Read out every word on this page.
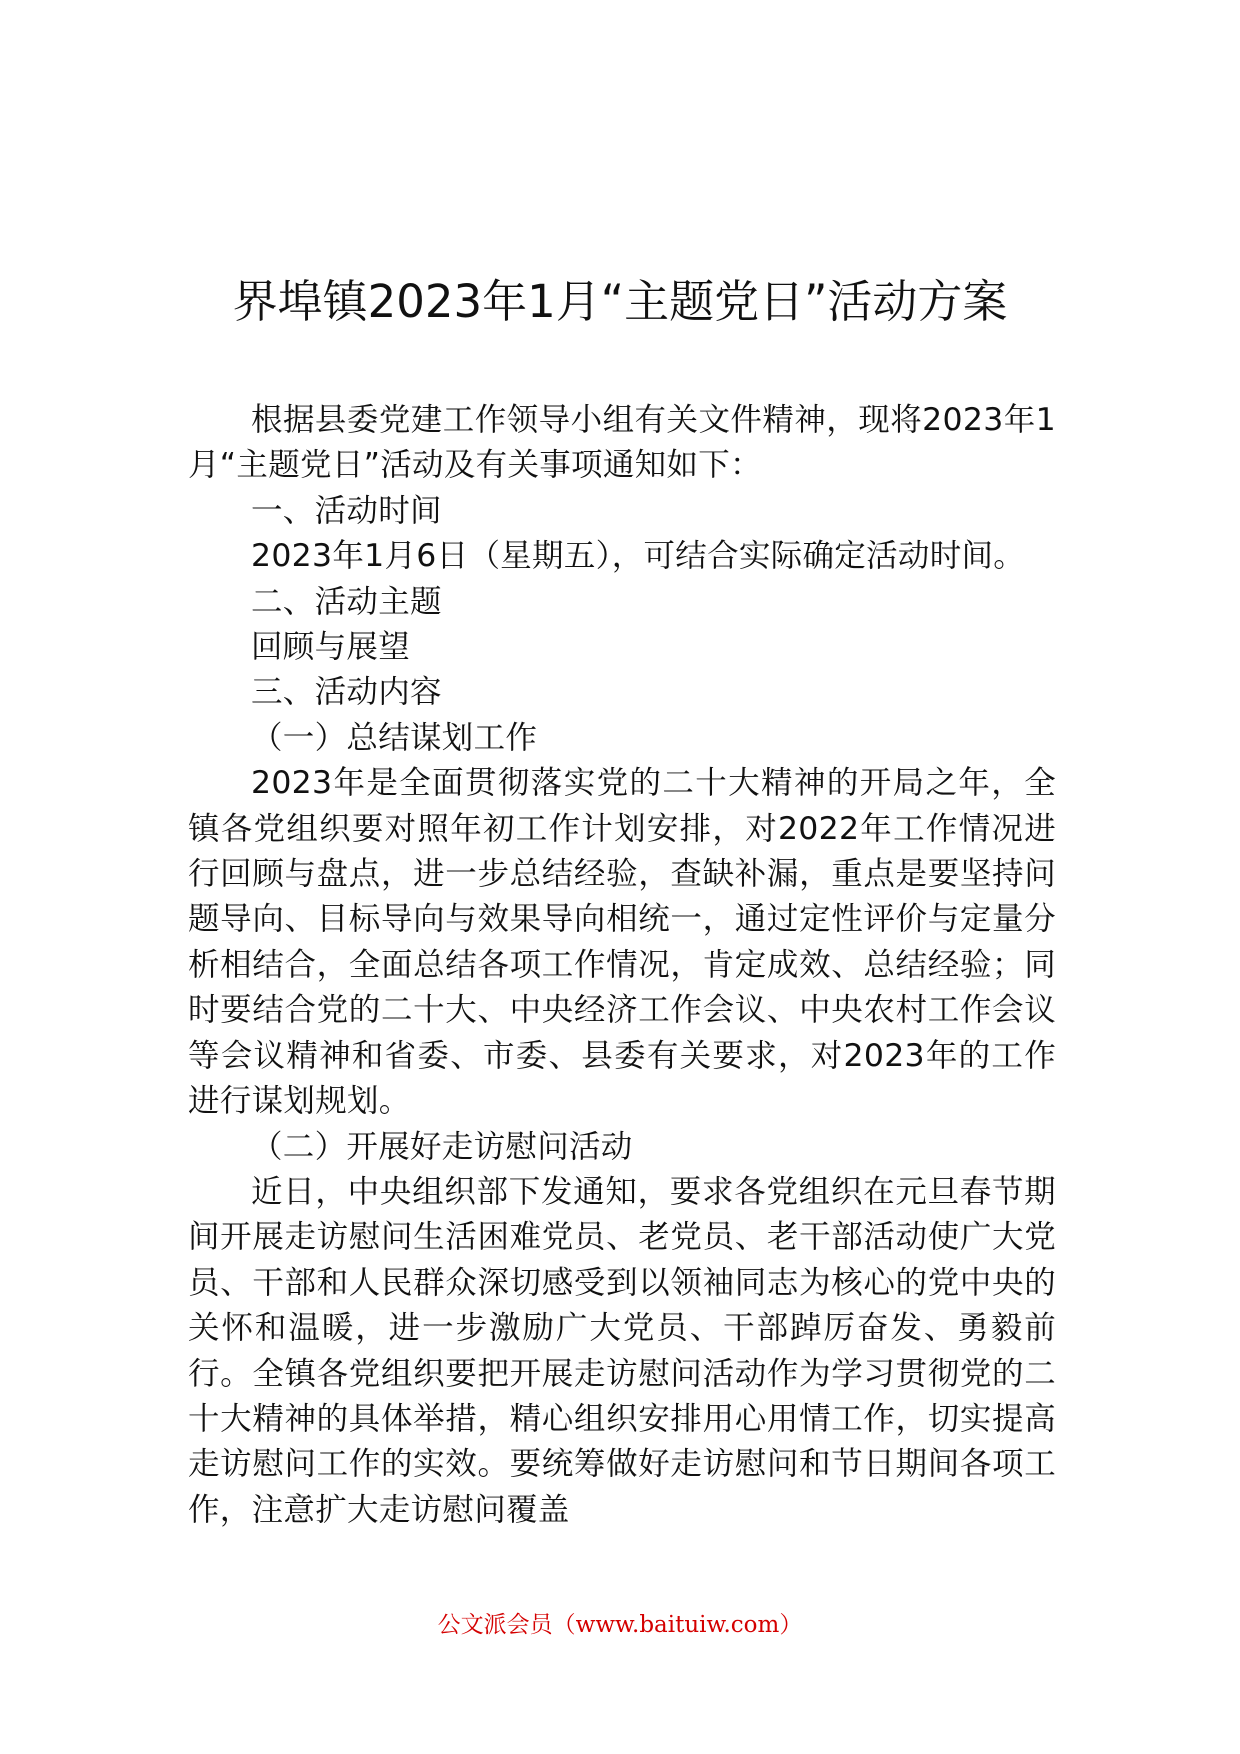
界埠镇2023年1月“主题党日”活动方案

根据县委党建工作领导小组有关文件精神，现将2023年1月“主题党日”活动及有关事项通知如下：

一、活动时间

2023年1月6日（星期五），可结合实际确定活动时间。

二、活动主题

回顾与展望

三、活动内容

（一）总结谋划工作

2023年是全面贯彻落实党的二十大精神的开局之年，全镇各党组织要对照年初工作计划安排，对2022年工作情况进行回顾与盘点，进一步总结经验，查缺补漏，重点是要坚持问题导向、目标导向与效果导向相统一，通过定性评价与定量分析相结合，全面总结各项工作情况，肯定成效、总结经验；同时要结合党的二十大、中央经济工作会议、中央农村工作会议等会议精神和省委、市委、县委有关要求，对2023年的工作进行谋划规划。

（二）开展好走访慰问活动

近日，中央组织部下发通知，要求各党组织在元旦春节期间开展走访慰问生活困难党员、老党员、老干部活动使广大党员、干部和人民群众深切感受到以领袖同志为核心的党中央的关怀和温暖，进一步激励广大党员、干部踔厉奋发、勇毅前行。全镇各党组织要把开展走访慰问活动作为学习贯彻党的二十大精神的具体举措，精心组织安排用心用情工作，切实提高走访慰问工作的实效。要统筹做好走访慰问和节日期间各项工作，注意扩大走访慰问覆盖

公文派会员（www.baituiw.com）
